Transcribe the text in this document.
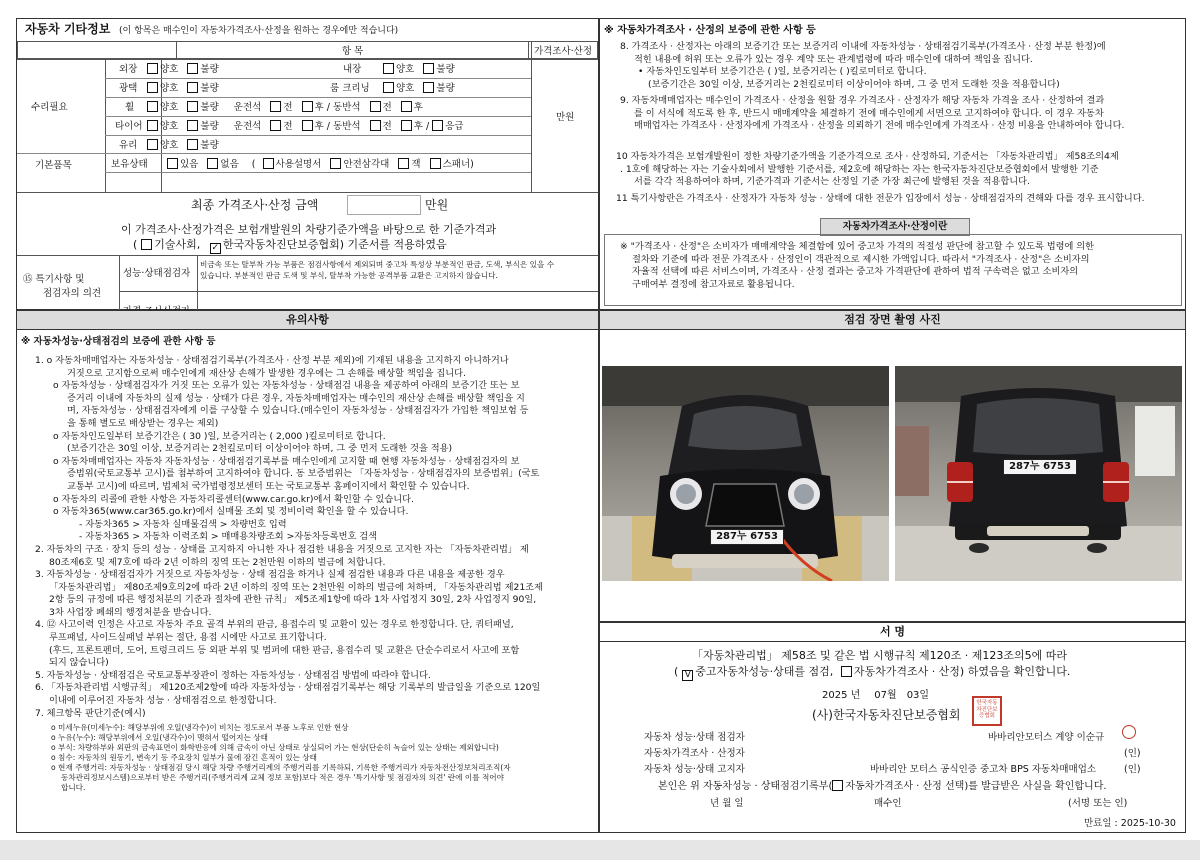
자동차 기타정보 (이 항목은 매수인이 자동차가격조사·산정을 원하는 경우에만 적습니다)
	항 목	가격조사·산정
수리필요
기본품목
만원
외장	양호 불량	내장	양호 불량
광택	양호 불량	룸 크리닝	양호 불량
휠	양호 불량 운전석 전 후 / 동반석 전 후
타이어	양호 불량 운전석 전 후 / 동반석 전 후 / 응급
유리	양호 불량
보유상태	있음 없음 ( 사용설명서 안전삼각대 잭 스패너)
최종 가격조사·산정 금액	만원
이 가격조사·산정가격은 보험개발원의 차량기준가액을 바탕으로 한 기준가격과
( 기술사회, ✓ 한국자동차진단보증협회) 기준서를 적용하였음
⑮ 특기사항 및
점검자의 의견
성능·상태점검자
비금속 또는 탈부착 가능 부품은 점검사항에서 제외되며 중고차 특성상 부분적인 판금, 도색, 부식은 있을 수
있습니다. 부분적인 판금 도색 및 부식, 탈부착 가능한 공격부품 교환은 고지하지 않습니다.
※ 자동차가격조사 · 산정의 보증에 관한 사항 등
8. 가격조사 · 산정자는 아래의 보증기간 또는 보증거리 이내에 자동차성능 · 상태점검기록부(가격조사 · 산정 부분 한정)에
적힌 내용에 허위 또는 오류가 있는 경우 계약 또는 관계법령에 따라 매수인에 대하여 책임을 집니다.
• 자동차인도일부터 보증기간은 ( )일, 보증거리는 ( )킬로미터로 합니다.
(보증기간은 30일 이상, 보증거리는 2천킬로미터 이상이어야 하며, 그 중 먼저 도래한 것을 적용합니다)
9. 자동차매매업자는 매수인이 가격조사 · 산정을 원할 경우 가격조사 · 산정자가 해당 자동차 가격을 조사 · 산정하여 결과
를 이 서식에 적도록 한 후, 반드시 매매계약을 체결하기 전에 매수인에게 서면으로 고지하여야 합니다. 이 경우 자동차
매매업자는 가격조사 · 산정자에게 가격조사 · 산정을 의뢰하기 전에 매수인에게 가격조사 · 산정 비용을 안내하여야 합니다.
10 자동차가격은 보험개발원이 정한 차량기준가액을 기준가격으로 조사 · 산정하되, 기준서는 「자동차관리법」 제58조의4제
. 1호에 해당하는 자는 기술사회에서 발행한 기준서를, 제2호에 해당하는 자는 한국자동차진단보증협회에서 발행한 기준
서를 각각 적용하여야 하며, 기준가격과 기준서는 산정일 기준 가장 최근에 발행된 것을 적용합니다.
11 특기사항란은 가격조사 · 산정자가 자동차 성능 · 상태에 대한 전문가 입장에서 성능 · 상태점검자의 견해와 다를 경우 표시합니다.
자동차가격조사·산정이란
※ "가격조사 · 산정"은 소비자가 매매계약을 체결함에 있어 중고차 가격의 적절성 판단에 참고할 수 있도록 법령에 의한
절차와 기준에 따라 전문 가격조사 · 산정인이 객관적으로 제시한 가액입니다. 따라서 "가격조사 · 산정"은 소비자의
자율적 선택에 따른 서비스이며, 가격조사 · 산정 결과는 중고차 가격판단에 관하여 법적 구속력은 없고 소비자의
구매여부 결정에 참고자료로 활용됩니다.
유의사항
※ 자동차성능·상태점검의 보증에 관한 사항 등
1. o 자동차매매업자는 자동차성능 · 상태점검기록부(가격조사 · 산정 부분 제외)에 기재된 내용을 고지하지 아니하거나
거짓으로 고지함으로써 매수인에게 재산상 손해가 발생한 경우에는 그 손해를 배상할 책임을 집니다.
o 자동차성능 · 상태점검자가 거짓 또는 오류가 있는 자동차성능 · 상태점검 내용을 제공하여 아래의 보증기간 또는 보
증거리 이내에 자동차의 실제 성능 · 상태가 다른 경우, 자동차매매업자는 매수인의 재산상 손해를 배상할 책임을 지
며, 자동차성능 · 상태점검자에게 이를 구상할 수 있습니다.(매수인이 자동차성능 · 상태점검자가 가입한 책임보험 등
을 통해 별도로 배상받는 경우는 제외)
o 자동차인도일부터 보증기간은 ( 30 )일, 보증거리는 ( 2,000 )킬로미터로 합니다.
(보증기간은 30일 이상, 보증거리는 2천킬로미터 이상이어야 하며, 그 중 먼저 도래한 것을 적용)
o 자동차매매업자는 자동차 자동차성능 · 상태점검기록부를 매수인에게 고지할 때 현행 자동차성능 · 상태점검자의 보
증범위(국토교통부 고시)를 첨부하여 고지하여야 합니다. 동 보증범위는 「자동차성능 · 상태점검자의 보증범위」(국토
교통부 고시)에 따르며, 법제처 국가법령정보센터 또는 국토교통부 홈페이지에서 확인할 수 있습니다.
o 자동차의 리콜에 관한 사항은 자동차리콜센터(www.car.go.kr)에서 확인할 수 있습니다.
o 자동차365(www.car365.go.kr)에서 실매물 조회 및 정비이력 확인을 할 수 있습니다.
- 자동차365 > 자동차 실매물검색 > 차량번호 입력
- 자동차365 > 자동차 이력조회 > 매매용차량조회 >자동차등록번호 검색
2. 자동차의 구조 · 장치 등의 성능 · 상태를 고지하지 아니한 자나 점검한 내용을 거짓으로 고지한 자는 「자동차관리법」 제
80조제6호 및 제7호에 따라 2년 이하의 징역 또는 2천만원 이하의 벌금에 처합니다.
3. 자동차성능 · 상태점검자가 거짓으로 자동차성능 · 상태 점검을 하거나 실제 점검한 내용과 다른 내용을 제공한 경우
「자동차관리법」 제80조제9호의2에 따라 2년 이하의 징역 또는 2천만원 이하의 벌금에 처하며, 「자동차관리법 제21조제
2항 등의 규정에 따른 행정처분의 기준과 절차에 관한 규칙」 제5조제1항에 따라 1차 사업정지 30일, 2차 사업정지 90일,
3차 사업장 폐쇄의 행정처분을 받습니다.
4. ⑫ 사고이력 인정은 사고로 자동차 주요 골격 부위의 판금, 용접수리 및 교환이 있는 경우로 한정합니다. 단, 쿼터패널,
루프패널, 사이드실패널 부위는 절단, 용접 시에만 사고로 표기합니다.
(후드, 프론트펜더, 도어, 트렁크리드 등 외판 부위 및 범퍼에 대한 판금, 용접수리 및 교환은 단순수리로서 사고에 포함
되지 않습니다)
5. 자동차성능 · 상태점검은 국토교통부장관이 정하는 자동차성능 · 상태점검 방법에 따라야 합니다.
6. 「자동차관리법 시행규칙」 제120조제2항에 따라 자동차성능 · 상태점검기록부는 해당 기록부의 발급일을 기준으로 120일
이내에 이루어진 자동차 성능 · 상태점검으로 한정합니다.
7. 체크항목 판단기준(예시)
o 미세누유(미세누수): 해당부위에 오일(냉각수)이 비치는 정도로서 부품 노후로 인한 현상
o 누유(누수): 해당부위에서 오일(냉각수)이 맺혀서 떨어지는 상태
o 부식: 차량하부와 외판의 금속표면이 화학반응에 의해 금속이 아닌 상태로 상실되어 가는 현상(단순히 녹슬어 있는 상태는 제외합니다)
o 침수: 자동차의 원동기, 변속기 등 주요장치 일부가 물에 잠긴 흔적이 있는 상태
o 현재 주행거리: 자동차성능 · 상태점검 당시 해당 차량 주행거리계의 주행거리를 기록하되, 기록한 주행거리가 자동차전산정보처리조직(자
동차관리정보시스템)으로부터 받은 주행거리(주행거리계 교체 정보 포함)보다 적은 경우 '특기사항 및 점검자의 의견' 란에 이를 적어야
합니다.
점검 장면 촬영 사진
287누 6753
287누 6753
서 명
「자동차관리법」 제58조 및 같은 법 시행규칙 제120조 · 제123조의5에 따라
( V 중고자동차성능·상태를 점검, 자동차가격조사 · 산정) 하였음을 확인합니다.
2025 년 07월 03일
(사)한국자동차진단보증협회
한국자동차진단보증협회
자동차 성능·상태 점검자	바바리안모터스 계양 이순규
자동차가격조사 · 산정자	(인)
자동차 성능·상태 고지자	바바리안 모터스 공식인증 중고차 BPS 자동차매매업소	(인)
본인은 위 자동차성능 · 상태점검기록부( 자동차가격조사 · 산정 선택)를 발급받은 사실을 확인합니다.
년 월 일	매수인	(서명 또는 인)
만료일 : 2025-10-30
